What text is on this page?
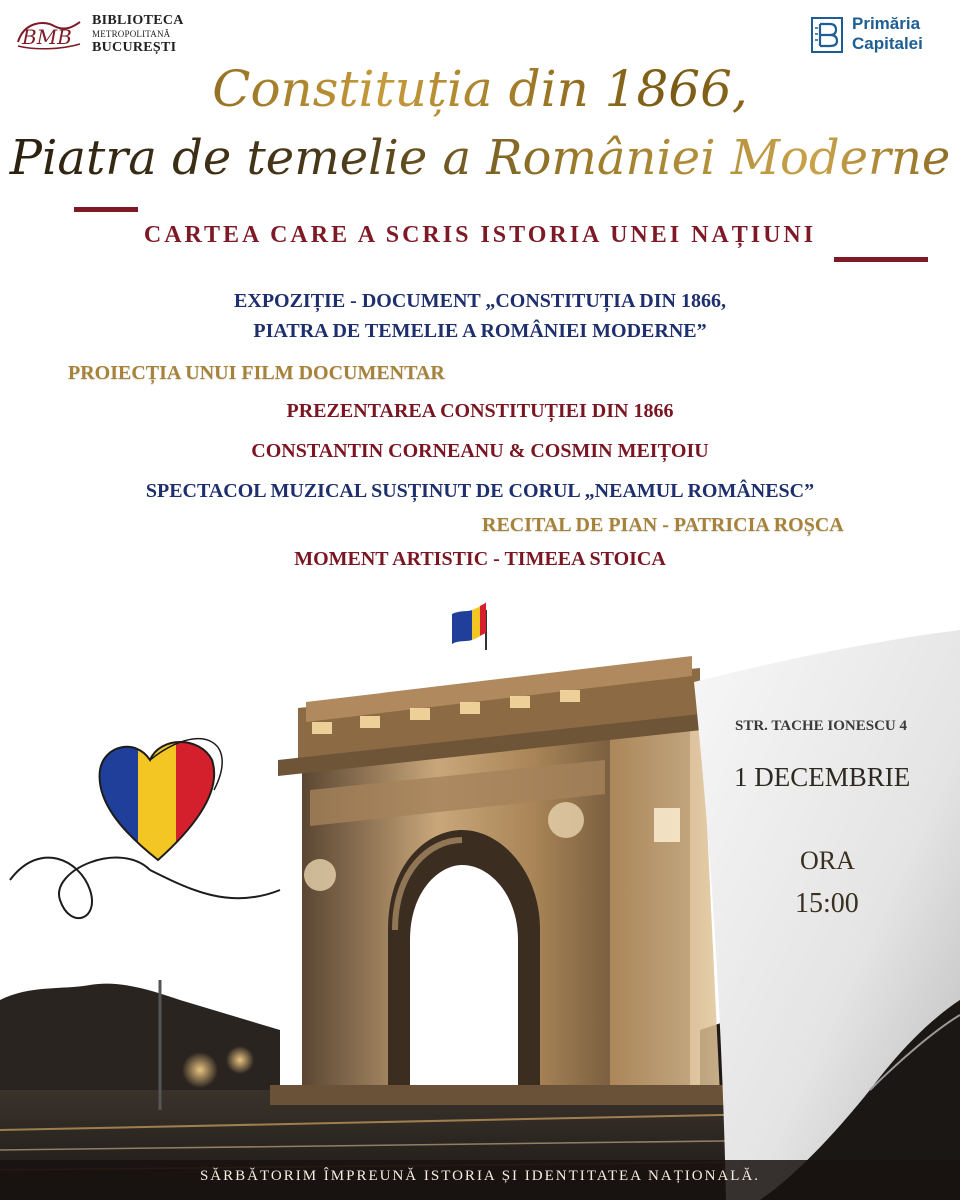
BMB
BIBLIOTECA
METROPOLITANĂ
BUCUREȘTI
Primăria
Capitalei
Constituția din 1866,
Piatra de temelie a României Moderne
CARTEA CARE A SCRIS ISTORIA UNEI NAȚIUNI
EXPOZIȚIE - DOCUMENT „CONSTITUȚIA DIN 1866,
PIATRA DE TEMELIE A ROMÂNIEI MODERNE”
PROIECȚIA UNUI FILM DOCUMENTAR
PREZENTAREA CONSTITUȚIEI DIN 1866
CONSTANTIN CORNEANU & COSMIN MEIȚOIU
SPECTACOL MUZICAL SUSȚINUT DE CORUL „NEAMUL ROMÂNESC”
RECITAL DE PIAN - PATRICIA ROȘCA
MOMENT ARTISTIC - TIMEEA STOICA
STR. TACHE IONESCU 4
1 DECEMBRIE
ORA
15:00
SĂRBĂTORIM ÎMPREUNĂ ISTORIA ȘI IDENTITATEA NAȚIONALĂ.
